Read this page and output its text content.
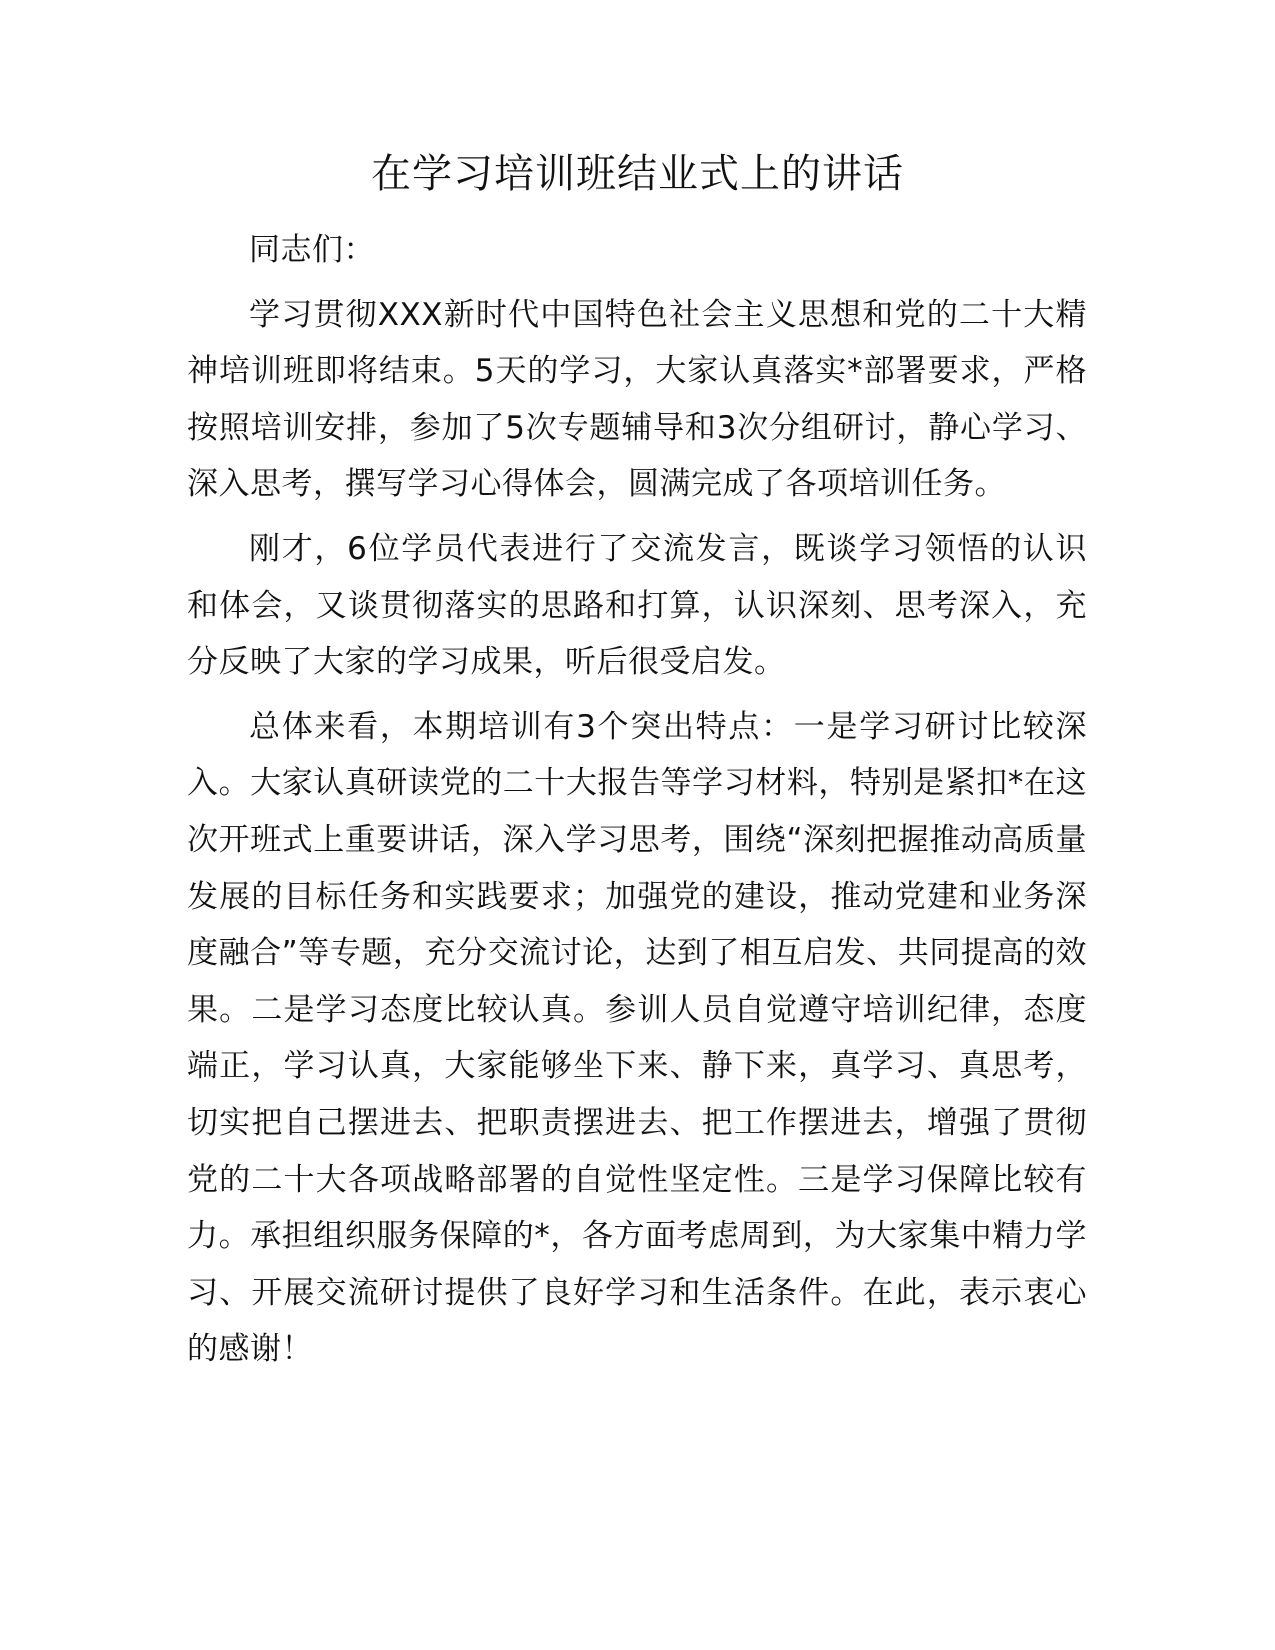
在学习培训班结业式上的讲话

同志们：

学习贯彻XXX新时代中国特色社会主义思想和党的二十大精神培训班即将结束。5天的学习，大家认真落实*部署要求，严格按照培训安排，参加了5次专题辅导和3次分组研讨，静心学习、深入思考，撰写学习心得体会，圆满完成了各项培训任务。

刚才，6位学员代表进行了交流发言，既谈学习领悟的认识和体会，又谈贯彻落实的思路和打算，认识深刻、思考深入，充分反映了大家的学习成果，听后很受启发。

总体来看，本期培训有3个突出特点：一是学习研讨比较深入。大家认真研读党的二十大报告等学习材料，特别是紧扣*在这次开班式上重要讲话，深入学习思考，围绕“深刻把握推动高质量发展的目标任务和实践要求；加强党的建设，推动党建和业务深度融合”等专题，充分交流讨论，达到了相互启发、共同提高的效果。二是学习态度比较认真。参训人员自觉遵守培训纪律，态度端正，学习认真，大家能够坐下来、静下来，真学习、真思考，切实把自己摆进去、把职责摆进去、把工作摆进去，增强了贯彻党的二十大各项战略部署的自觉性坚定性。三是学习保障比较有力。承担组织服务保障的*，各方面考虑周到，为大家集中精力学习、开展交流研讨提供了良好学习和生活条件。在此，表示衷心的感谢！
